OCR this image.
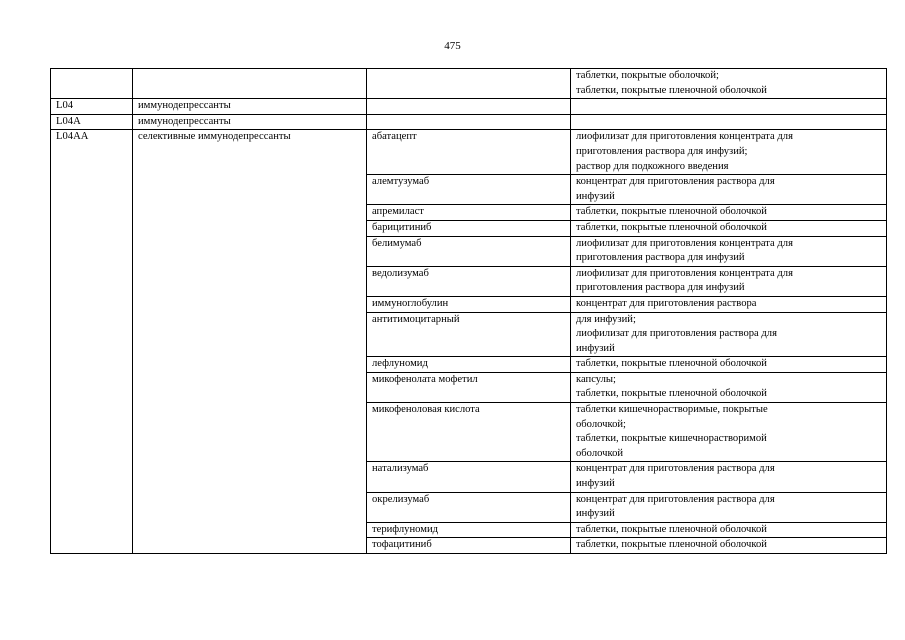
475

			таблетки, покрытые оболочкой;
таблетки, покрытые пленочной оболочкой

L04	иммунодепрессанты		
L04A	иммунодепрессанты		
L04AA	селективные иммунодепрессанты	абатацепт	лиофилизат для приготовления концентрата для
приготовления раствора для инфузий;
раствор для подкожного введения

		алемтузумаб	концентрат для приготовления раствора для
инфузий

		апремиласт	таблетки, покрытые пленочной оболочкой

		барицитиниб	таблетки, покрытые пленочной оболочкой

		белимумаб	лиофилизат для приготовления концентрата для
приготовления раствора для инфузий

		ведолизумаб	лиофилизат для приготовления концентрата для
приготовления раствора для инфузий

		иммуноглобулин	концентрат для приготовления раствора

		антитимоцитарный	для инфузий;
лиофилизат для приготовления раствора для
инфузий

		лефлуномид	таблетки, покрытые пленочной оболочкой

		микофенолата мофетил	капсулы;
таблетки, покрытые пленочной оболочкой

		микофеноловая кислота	таблетки кишечнорастворимые, покрытые
оболочкой;
таблетки, покрытые кишечнорастворимой
оболочкой

		натализумаб	концентрат для приготовления раствора для
инфузий

		окрелизумаб	концентрат для приготовления раствора для
инфузий

		терифлуномид	таблетки, покрытые пленочной оболочкой

		тофацитиниб	таблетки, покрытые пленочной оболочкой
